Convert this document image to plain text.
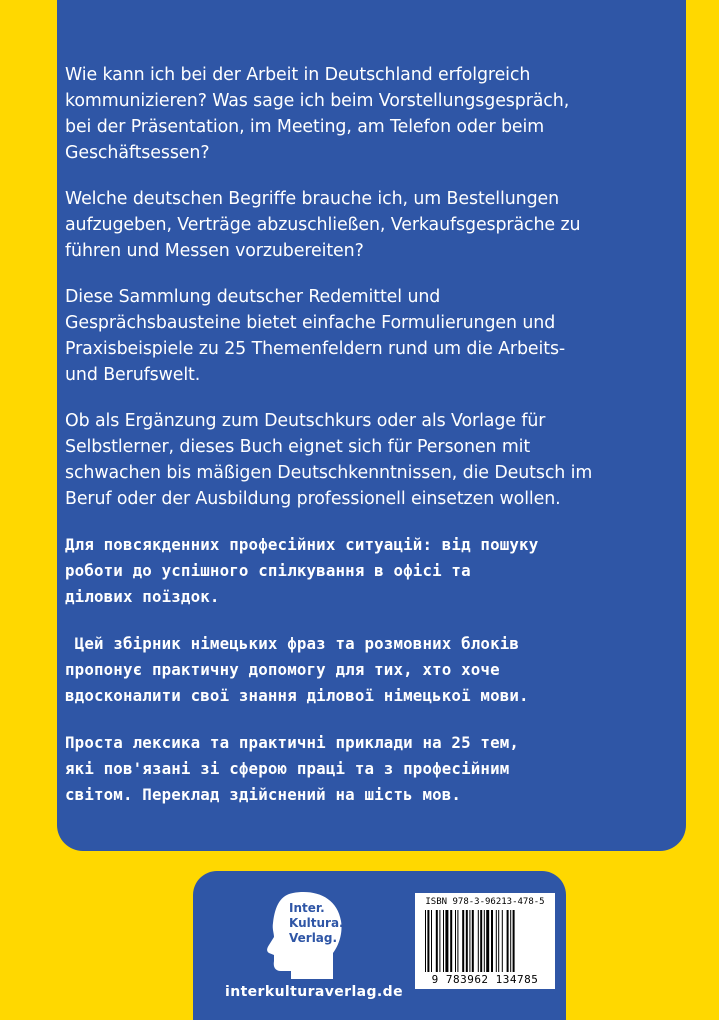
Wie kann ich bei der Arbeit in Deutschland erfolgreich
kommunizieren? Was sage ich beim Vorstellungsgespräch,
bei der Präsentation, im Meeting, am Telefon oder beim
Geschäftsessen?

Welche deutschen Begriffe brauche ich, um Bestellungen
aufzugeben, Verträge abzuschließen, Verkaufsgespräche zu
führen und Messen vorzubereiten?

Diese Sammlung deutscher Redemittel und
Gesprächsbausteine bietet einfache Formulierungen und
Praxisbeispiele zu 25 Themenfeldern rund um die Arbeits-
und Berufswelt.

Ob als Ergänzung zum Deutschkurs oder als Vorlage für
Selbstlerner, dieses Buch eignet sich für Personen mit
schwachen bis mäßigen Deutschkenntnissen, die Deutsch im
Beruf oder der Ausbildung professionell einsetzen wollen.

Для повсякденних професійних ситуацій: від пошуку
роботи до успішного спілкування в офісі та
ділових поїздок.

Цей збірник німецьких фраз та розмовних блоків
пропонує практичну допомогу для тих, хто хоче
вдосконалити свої знання ділової німецької мови.

Проста лексика та практичні приклади на 25 тем,
які пов'язані зі сферою праці та з професійним
світом. Переклад здійснений на шість мов.

Inter.
Kultura.
Verlag.
interkulturaverlag.de
ISBN 978-3-96213-478-5
9 783962 134785
